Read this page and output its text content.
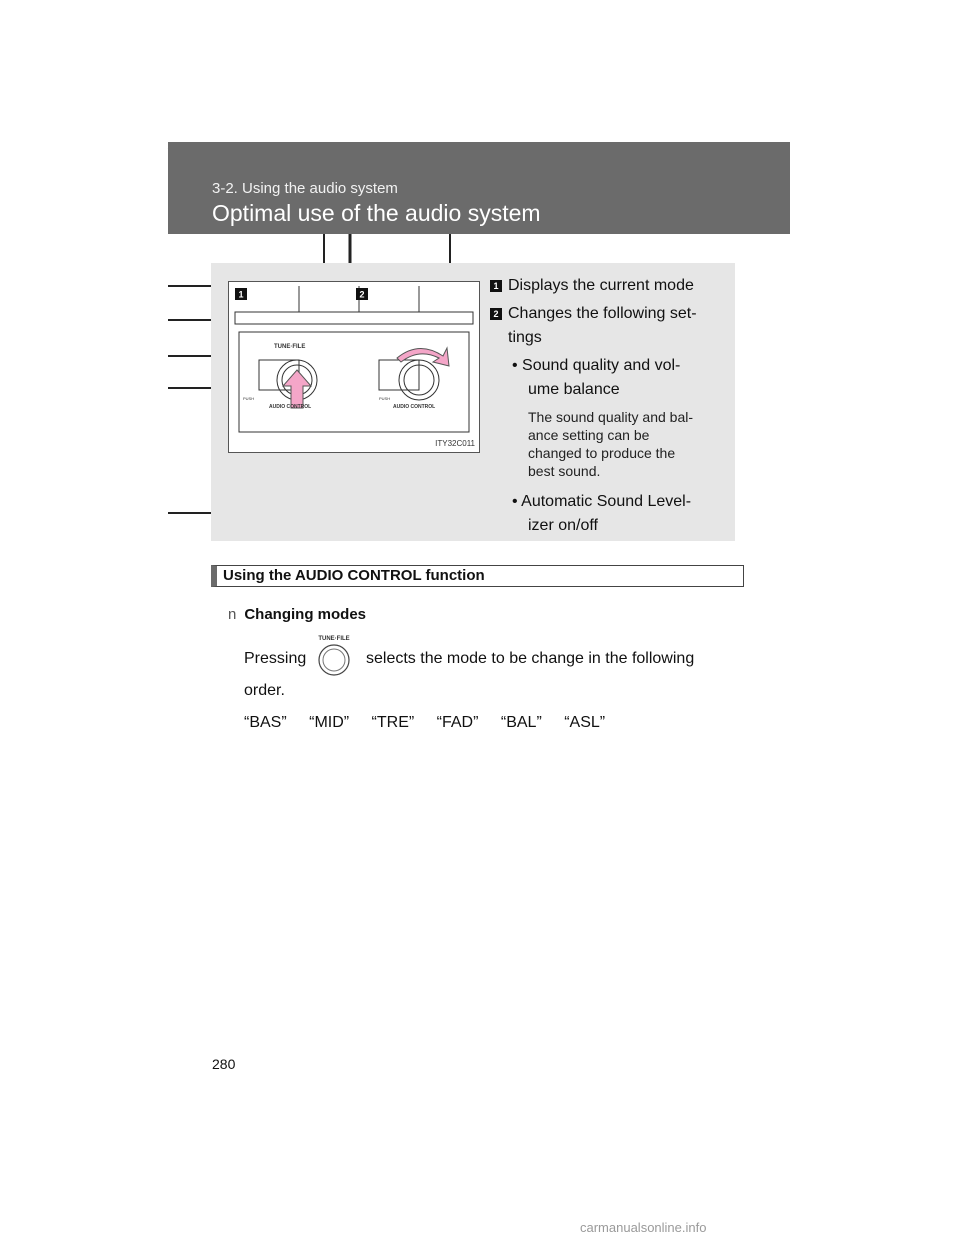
3‑2. Using the audio system
Optimal use of the audio system
1	2
TUNE·FILE
PUSH
AUDIO CONTROL
PUSH
AUDIO CONTROL
ITY32C011
1 Displays the current mode
2 Changes the following set‑
tings
• Sound quality and vol‑
ume balance
The sound quality and bal‑
ance setting can be
changed to produce the
best sound.
• Automatic Sound Level‑
izer on/off
Using the AUDIO CONTROL function
n Changing modes
Pressing
TUNE·FILE
selects the mode to be change in the following
order.
“BAS” “MID” “TRE” “FAD” “BAL” “ASL”
280
carmanualsonline.info
